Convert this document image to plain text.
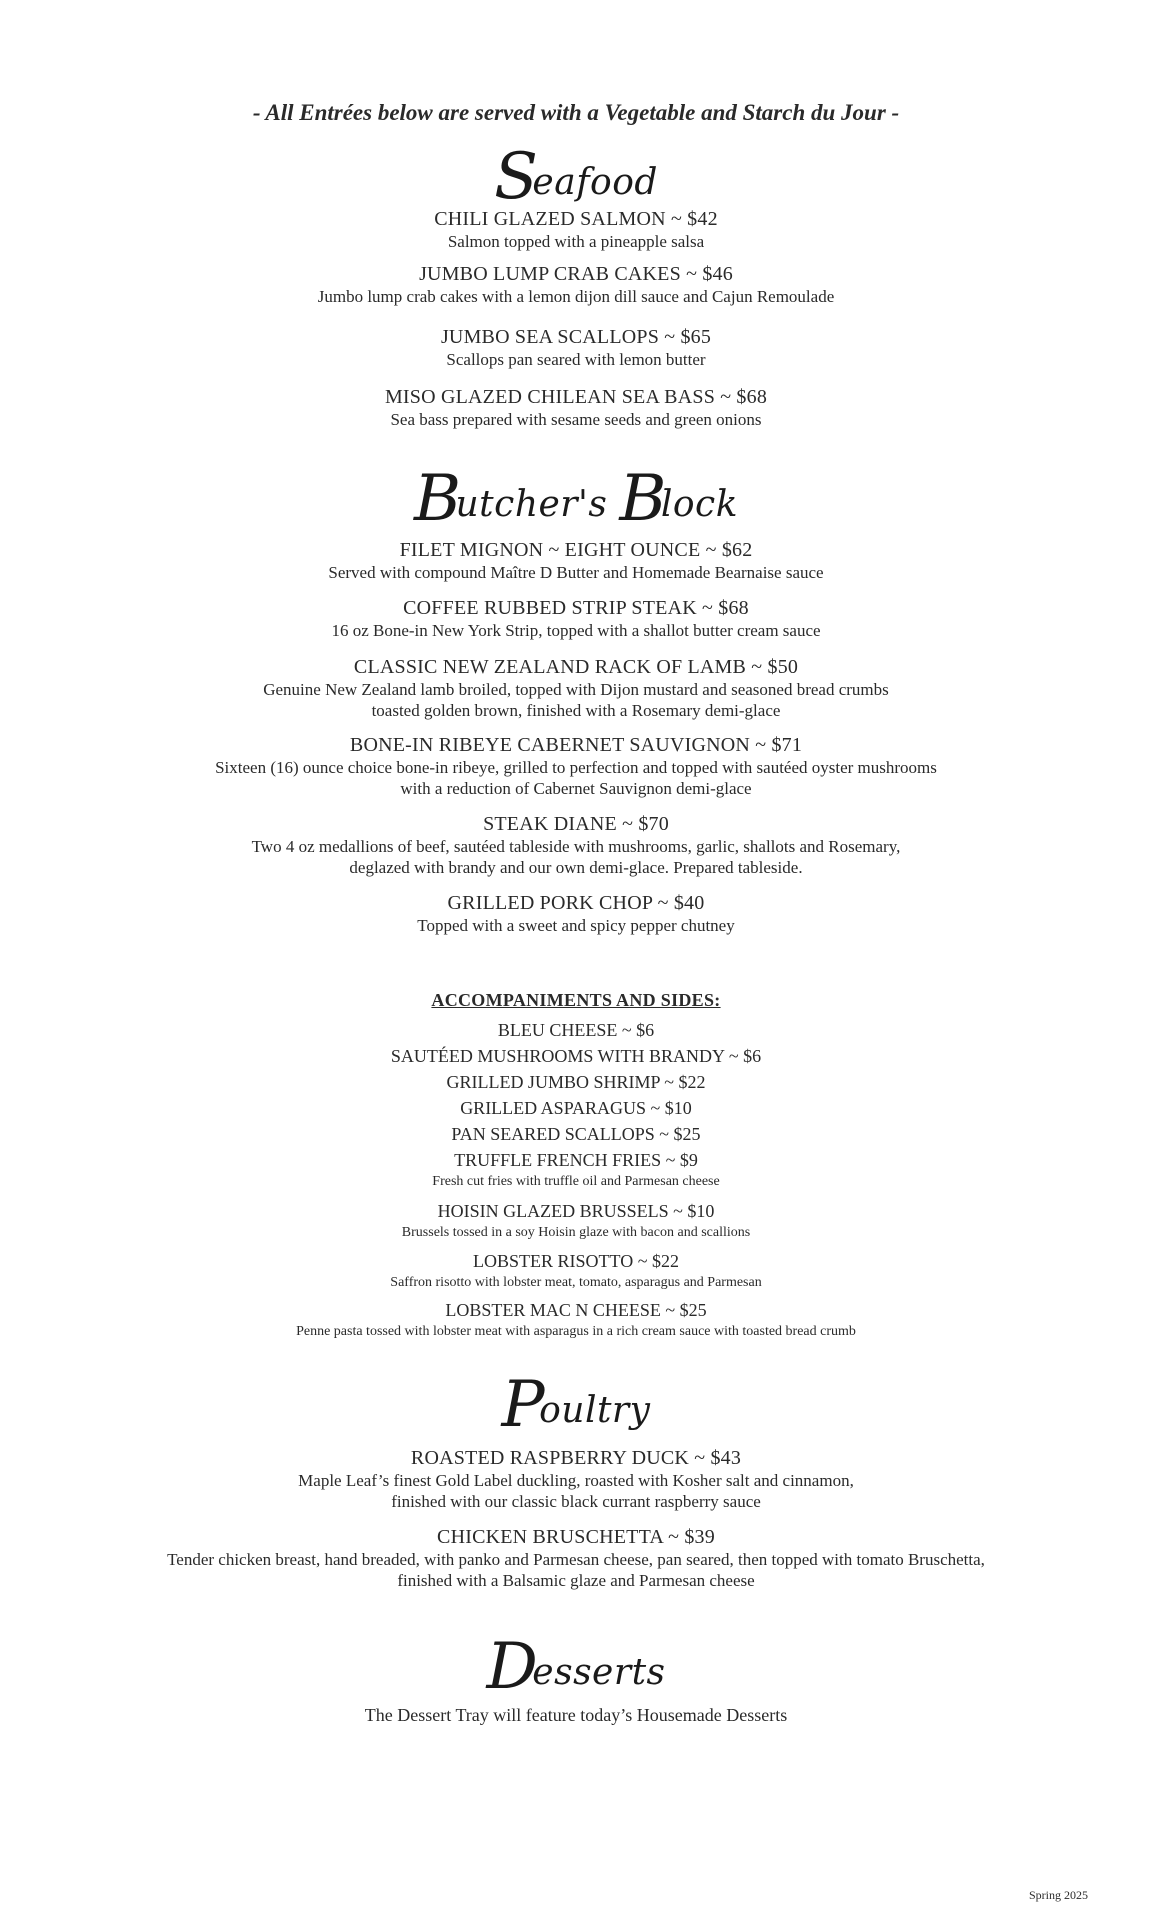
- All Entrées below are served with a Vegetable and Starch du Jour -
Seafood
CHILI GLAZED SALMON ~ $42
Salmon topped with a pineapple salsa
JUMBO LUMP CRAB CAKES ~ $46
Jumbo lump crab cakes with a lemon dijon dill sauce and Cajun Remoulade
JUMBO SEA SCALLOPS ~ $65
Scallops pan seared with lemon butter
MISO GLAZED CHILEAN SEA BASS ~ $68
Sea bass prepared with sesame seeds and green onions
Butcher's Block
FILET MIGNON ~ EIGHT OUNCE ~ $62
Served with compound Maître D Butter and Homemade Bearnaise sauce
COFFEE RUBBED STRIP STEAK ~ $68
16 oz Bone-in New York Strip, topped with a shallot butter cream sauce
CLASSIC NEW ZEALAND RACK OF LAMB ~ $50
Genuine New Zealand lamb broiled, topped with Dijon mustard and seasoned bread crumbs
toasted golden brown, finished with a Rosemary demi-glace
BONE-IN RIBEYE CABERNET SAUVIGNON ~ $71
Sixteen (16) ounce choice bone-in ribeye, grilled to perfection and topped with sautéed oyster mushrooms
with a reduction of Cabernet Sauvignon demi-glace
STEAK DIANE ~ $70
Two 4 oz medallions of beef, sautéed tableside with mushrooms, garlic, shallots and Rosemary,
deglazed with brandy and our own demi-glace. Prepared tableside.
GRILLED PORK CHOP ~ $40
Topped with a sweet and spicy pepper chutney
ACCOMPANIMENTS AND SIDES:
BLEU CHEESE ~ $6
SAUTÉED MUSHROOMS WITH BRANDY ~ $6
GRILLED JUMBO SHRIMP ~ $22
GRILLED ASPARAGUS ~ $10
PAN SEARED SCALLOPS ~ $25
TRUFFLE FRENCH FRIES ~ $9
Fresh cut fries with truffle oil and Parmesan cheese
HOISIN GLAZED BRUSSELS ~ $10
Brussels tossed in a soy Hoisin glaze with bacon and scallions
LOBSTER RISOTTO ~ $22
Saffron risotto with lobster meat, tomato, asparagus and Parmesan
LOBSTER MAC N CHEESE ~ $25
Penne pasta tossed with lobster meat with asparagus in a rich cream sauce with toasted bread crumb
Poultry
ROASTED RASPBERRY DUCK ~ $43
Maple Leaf’s finest Gold Label duckling, roasted with Kosher salt and cinnamon,
finished with our classic black currant raspberry sauce
CHICKEN BRUSCHETTA ~ $39
Tender chicken breast, hand breaded, with panko and Parmesan cheese, pan seared, then topped with tomato Bruschetta,
finished with a Balsamic glaze and Parmesan cheese
Desserts
The Dessert Tray will feature today’s Housemade Desserts
Spring 2025
